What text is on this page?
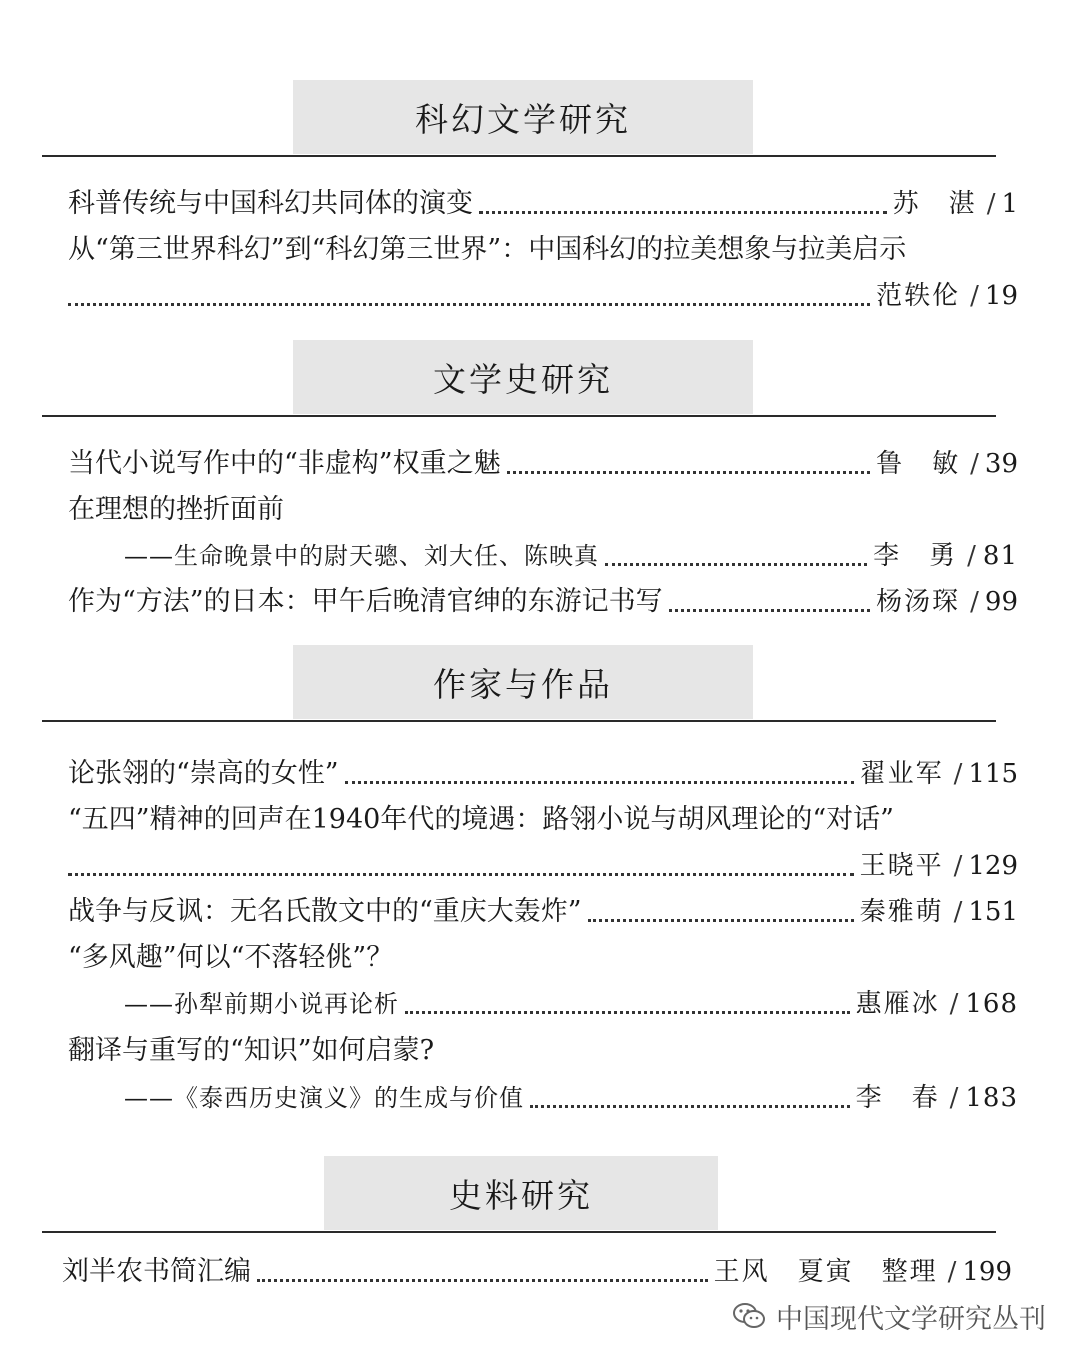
科幻文学研究
科普传统与中国科幻共同体的演变	苏　湛 / 1
从“第三世界科幻”到“科幻第三世界”：中国科幻的拉美想象与拉美启示
范轶伦 / 19
文学史研究
当代小说写作中的“非虚构”权重之魅	鲁　敏 / 39
在理想的挫折面前
——生命晚景中的尉天骢、刘大任、陈映真	李　勇 / 81
作为“方法”的日本：甲午后晚清官绅的东游记书写	杨汤琛 / 99
作家与作品
论张翎的“崇高的女性”	翟业军 / 115
“五四”精神的回声在1940年代的境遇：路翎小说与胡风理论的“对话”
王晓平 / 129
战争与反讽：无名氏散文中的“重庆大轰炸”	秦雅萌 / 151
“多风趣”何以“不落轻佻”？
——孙犁前期小说再论析	惠雁冰 / 168
翻译与重写的“知识”如何启蒙?
——《泰西历史演义》的生成与价值	李　春 / 183
史料研究
刘半农书简汇编	王风　夏寅　整理 / 199
中国现代文学研究丛刊
